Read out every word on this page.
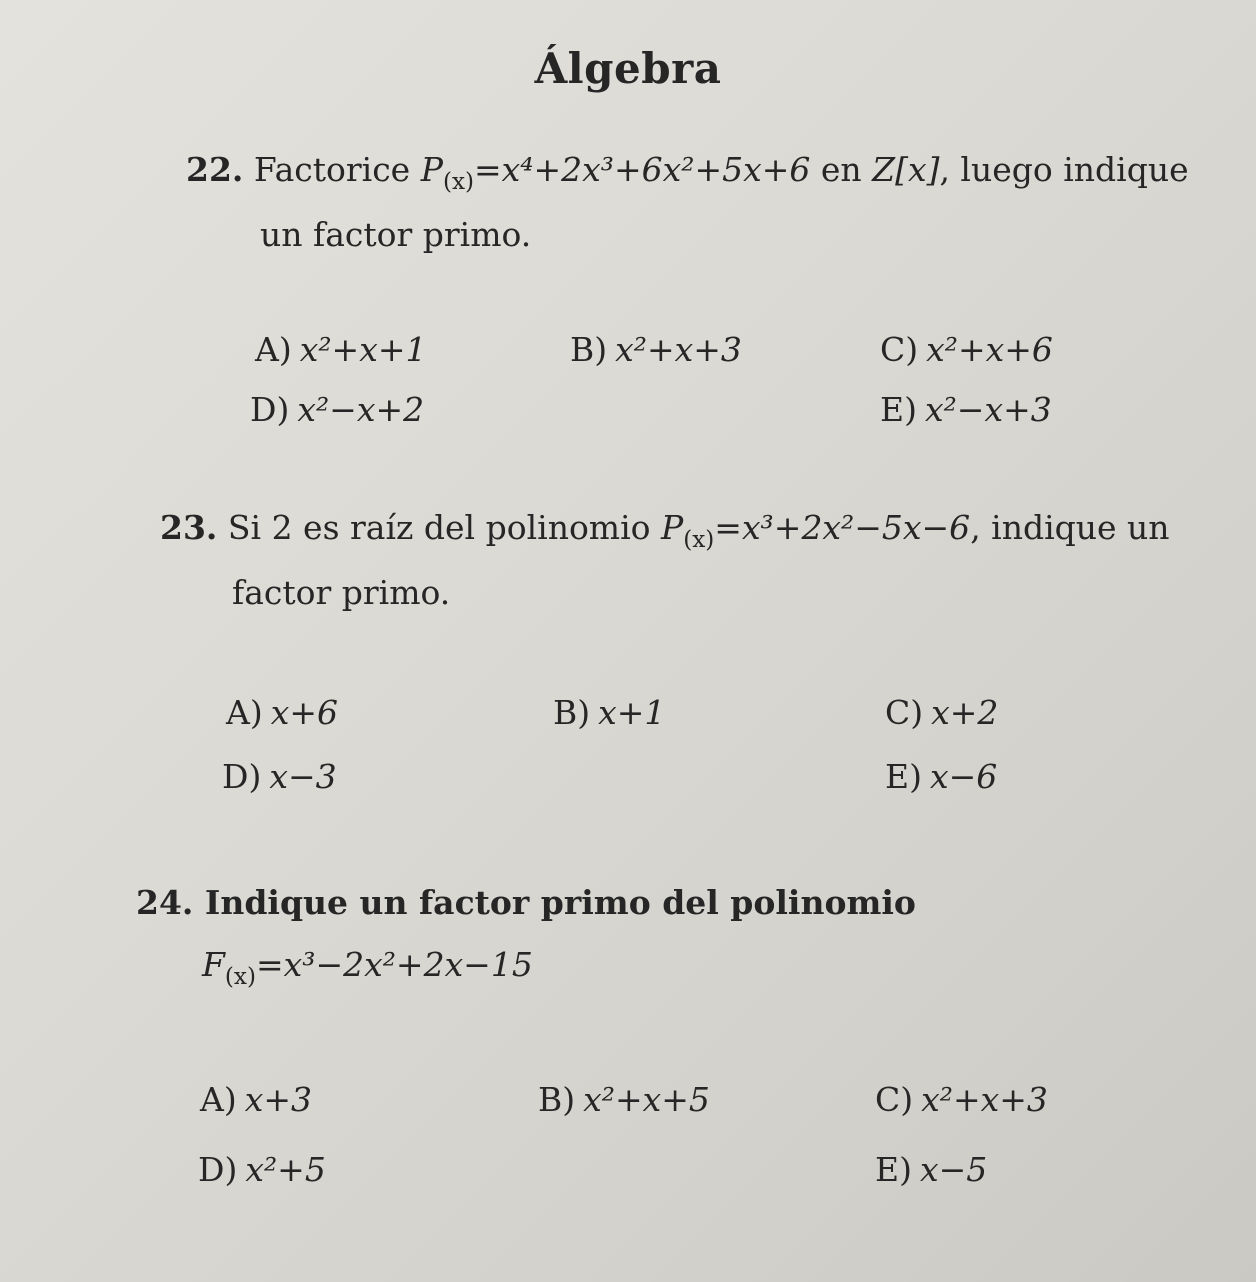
Álgebra
22. Factorice $P_{(x)}=x^4+2x^3+6x^2+5x+6$ en Z[x], luego indique
un factor primo.
A) x²+x+1	B) x²+x+3	C) x²+x+6
D) x²−x+2	E) x²−x+3
23. Si 2 es raíz del polinomio $P_{(x)}=x^3+2x^2-5x-6$, indique un
factor primo.
A) x+6	B) x+1	C) x+2
D) x−3	E) x−6
24. Indique un factor primo del polinomio
$F_{(x)}=x^3-2x^2+2x-15$
A) x+3	B) x²+x+5	C) x²+x+3
D) x²+5	E) x−5
